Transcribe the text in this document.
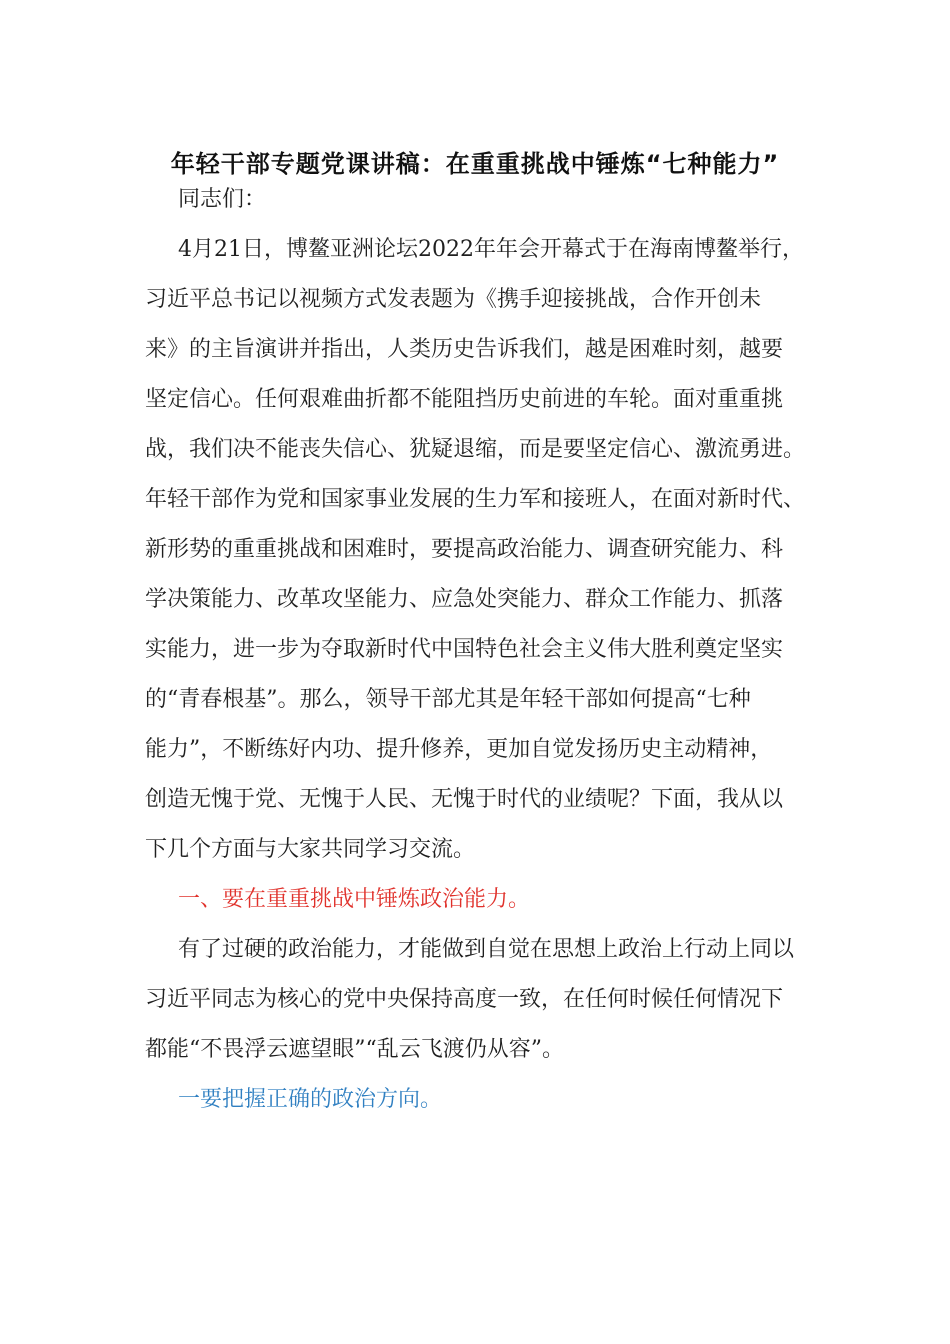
年轻干部专题党课讲稿：在重重挑战中锤炼“七种能力”
同志们：
4月21日，博鳌亚洲论坛2022年年会开幕式于在海南博鳌举行，
习近平总书记以视频方式发表题为《携手迎接挑战，合作开创未
来》的主旨演讲并指出，人类历史告诉我们，越是困难时刻，越要
坚定信心。任何艰难曲折都不能阻挡历史前进的车轮。面对重重挑
战，我们决不能丧失信心、犹疑退缩，而是要坚定信心、激流勇进。
年轻干部作为党和国家事业发展的生力军和接班人，在面对新时代、
新形势的重重挑战和困难时，要提高政治能力、调查研究能力、科
学决策能力、改革攻坚能力、应急处突能力、群众工作能力、抓落
实能力，进一步为夺取新时代中国特色社会主义伟大胜利奠定坚实
的“青春根基”。那么，领导干部尤其是年轻干部如何提高“七种
能力”，不断练好内功、提升修养，更加自觉发扬历史主动精神，
创造无愧于党、无愧于人民、无愧于时代的业绩呢？下面，我从以
下几个方面与大家共同学习交流。
一、要在重重挑战中锤炼政治能力。
有了过硬的政治能力，才能做到自觉在思想上政治上行动上同以
习近平同志为核心的党中央保持高度一致，在任何时候任何情况下
都能“不畏浮云遮望眼”“乱云飞渡仍从容”。
一要把握正确的政治方向。
